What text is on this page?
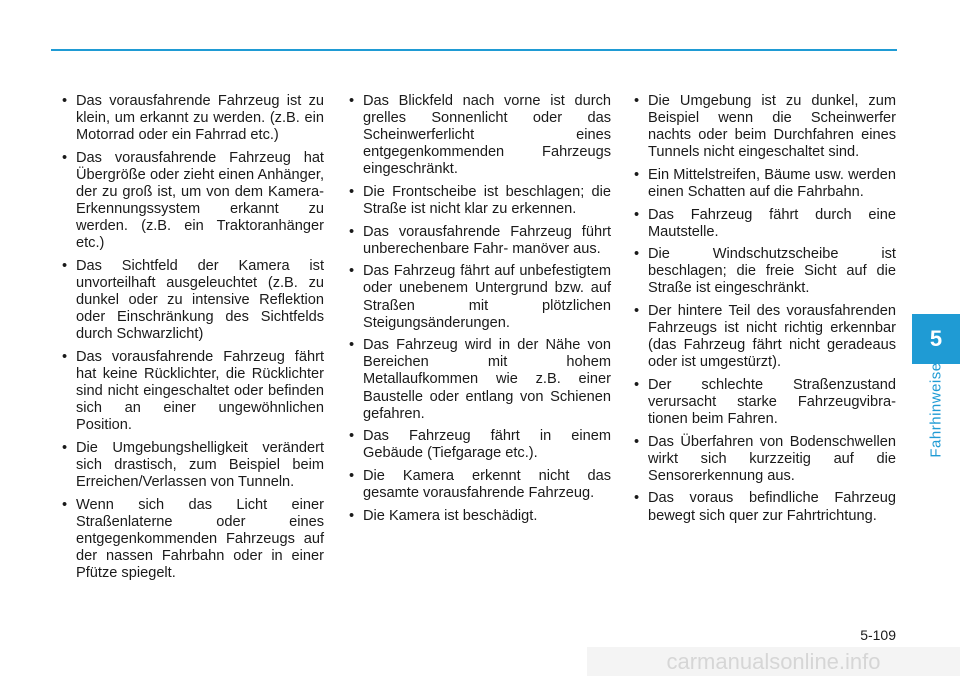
• Das vorausfahrende Fahrzeug ist zu klein, um erkannt zu werden. (z.B. ein Motorrad oder ein Fahrrad etc.)
• Das vorausfahrende Fahrzeug hat Übergröße oder zieht einen Anhänger, der zu groß ist, um von dem Kamera-Erkennungssystem erkannt zu werden. (z.B. ein Traktoranhänger etc.)
• Das Sichtfeld der Kamera ist unvorteilhaft ausgeleuchtet (z.B. zu dunkel oder zu intensive Reflektion oder Einschränkung des Sichtfelds durch Schwarzlicht)
• Das vorausfahrende Fahrzeug fährt hat keine Rücklichter, die Rücklichter sind nicht eingeschaltet oder befinden sich an einer ungewöhnlichen Position.
• Die Umgebungshelligkeit verändert sich drastisch, zum Beispiel beim Erreichen/Verlassen von Tunneln.
• Wenn sich das Licht einer Straßenlaterne oder eines entgegenkommenden Fahrzeugs auf der nassen Fahrbahn oder in einer Pfütze spiegelt.
• Das Blickfeld nach vorne ist durch grelles Sonnenlicht oder das Scheinwerferlicht eines entgegenkommenden Fahrzeugs eingeschränkt.
• Die Frontscheibe ist beschlagen; die Straße ist nicht klar zu erkennen.
• Das vorausfahrende Fahrzeug führt unberechenbare Fahr- manöver aus.
• Das Fahrzeug fährt auf unbefestigtem oder unebenem Untergrund bzw. auf Straßen mit plötzlichen Steigungsänderungen.
• Das Fahrzeug wird in der Nähe von Bereichen mit hohem Metallaufkommen wie z.B. einer Baustelle oder entlang von Schienen gefahren.
• Das Fahrzeug fährt in einem Gebäude (Tiefgarage etc.).
• Die Kamera erkennt nicht das gesamte vorausfahrende Fahrzeug.
• Die Kamera ist beschädigt.
• Die Umgebung ist zu dunkel, zum Beispiel wenn die Scheinwerfer nachts oder beim Durchfahren eines Tunnels nicht eingeschaltet sind.
• Ein Mittelstreifen, Bäume usw. werden einen Schatten auf die Fahrbahn.
• Das Fahrzeug fährt durch eine Mautstelle.
• Die Windschutzscheibe ist beschlagen; die freie Sicht auf die Straße ist eingeschränkt.
• Der hintere Teil des vorausfahrenden Fahrzeugs ist nicht richtig erkennbar (das Fahrzeug fährt nicht geradeaus oder ist umgestürzt).
• Der schlechte Straßenzustand verursacht starke Fahrzeugvibra- tionen beim Fahren.
• Das Überfahren von Bodenschwellen wirkt sich kurzzeitig auf die Sensorerkennung aus.
• Das voraus befindliche Fahrzeug bewegt sich quer zur Fahrtrichtung.
5
Fahrhinweise
5-109
carmanualsonline.info
